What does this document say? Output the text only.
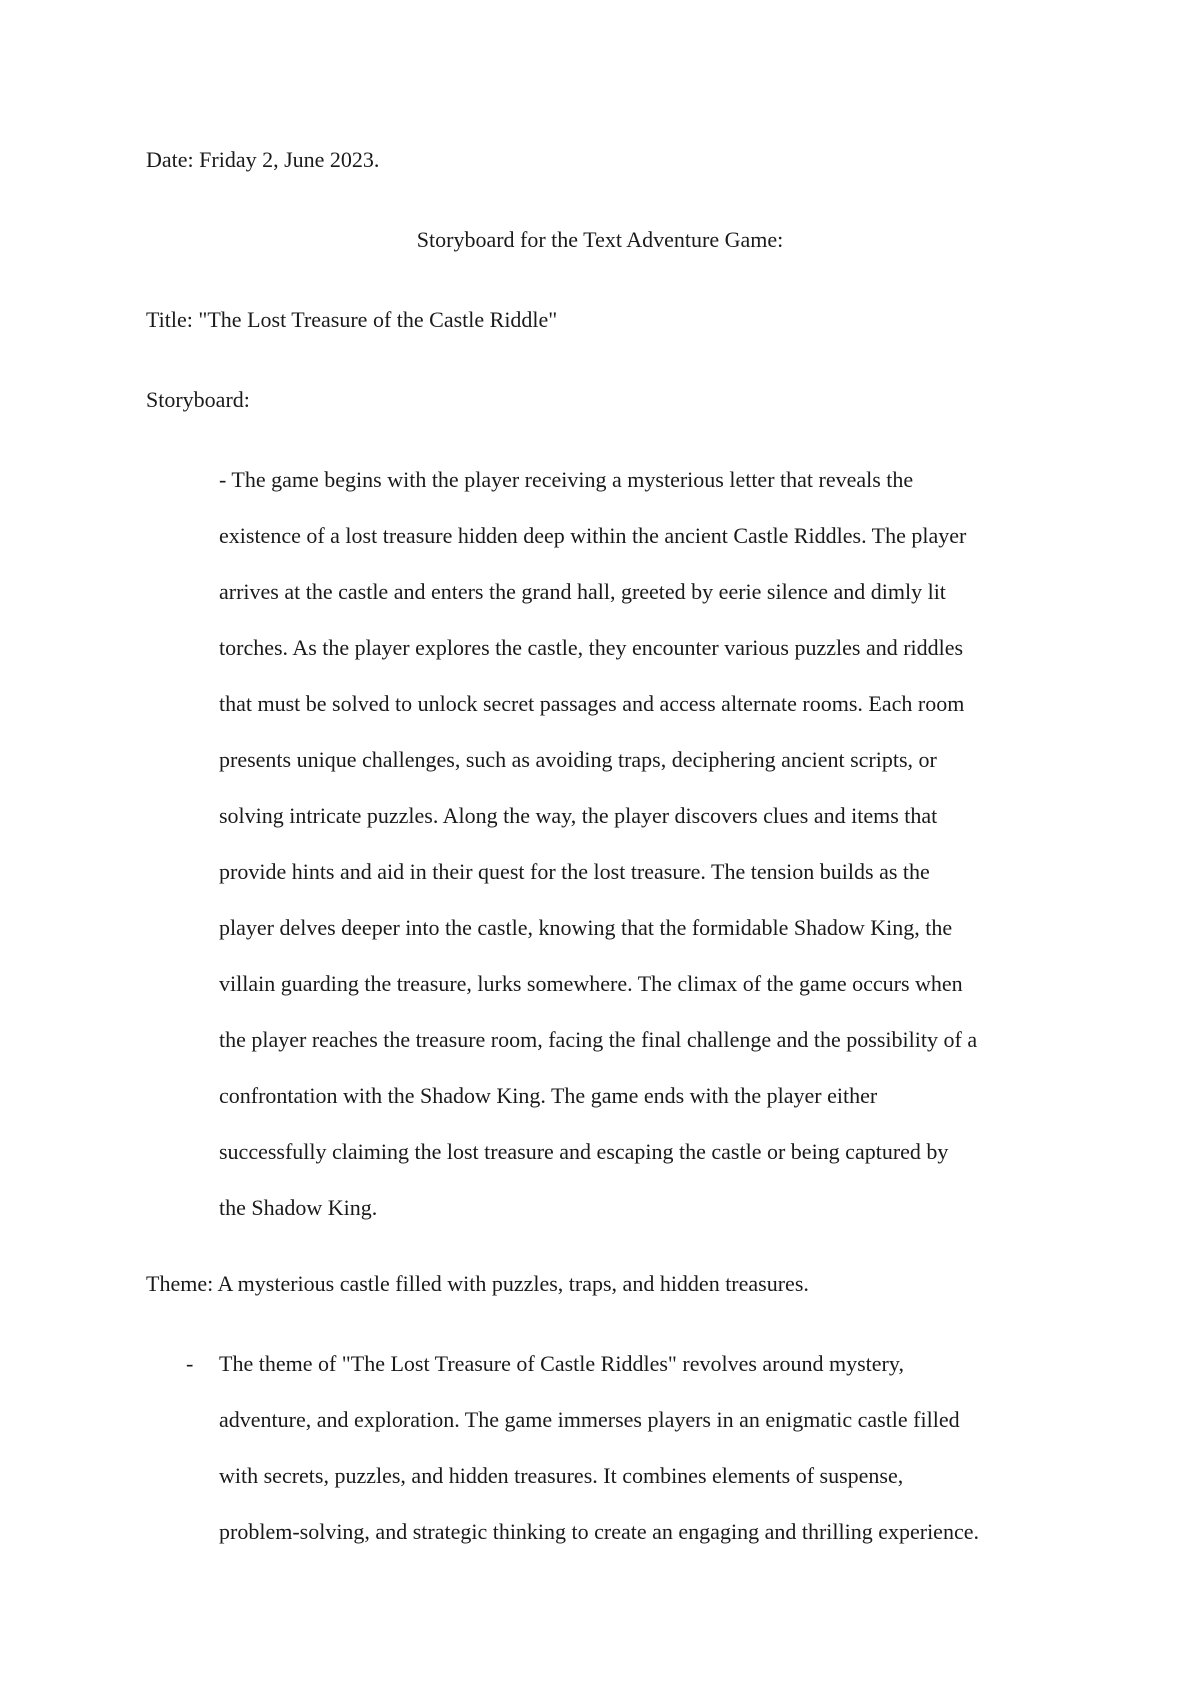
Date: Friday 2, June 2023.
Storyboard for the Text Adventure Game:
Title: "The Lost Treasure of the Castle Riddle"
Storyboard:
- The game begins with the player receiving a mysterious letter that reveals the
existence of a lost treasure hidden deep within the ancient Castle Riddles. The player
arrives at the castle and enters the grand hall, greeted by eerie silence and dimly lit
torches. As the player explores the castle, they encounter various puzzles and riddles
that must be solved to unlock secret passages and access alternate rooms. Each room
presents unique challenges, such as avoiding traps, deciphering ancient scripts, or
solving intricate puzzles. Along the way, the player discovers clues and items that
provide hints and aid in their quest for the lost treasure. The tension builds as the
player delves deeper into the castle, knowing that the formidable Shadow King, the
villain guarding the treasure, lurks somewhere. The climax of the game occurs when
the player reaches the treasure room, facing the final challenge and the possibility of a
confrontation with the Shadow King. The game ends with the player either
successfully claiming the lost treasure and escaping the castle or being captured by
the Shadow King.
Theme: A mysterious castle filled with puzzles, traps, and hidden treasures.
- The theme of "The Lost Treasure of Castle Riddles" revolves around mystery,
adventure, and exploration. The game immerses players in an enigmatic castle filled
with secrets, puzzles, and hidden treasures. It combines elements of suspense,
problem-solving, and strategic thinking to create an engaging and thrilling experience.
